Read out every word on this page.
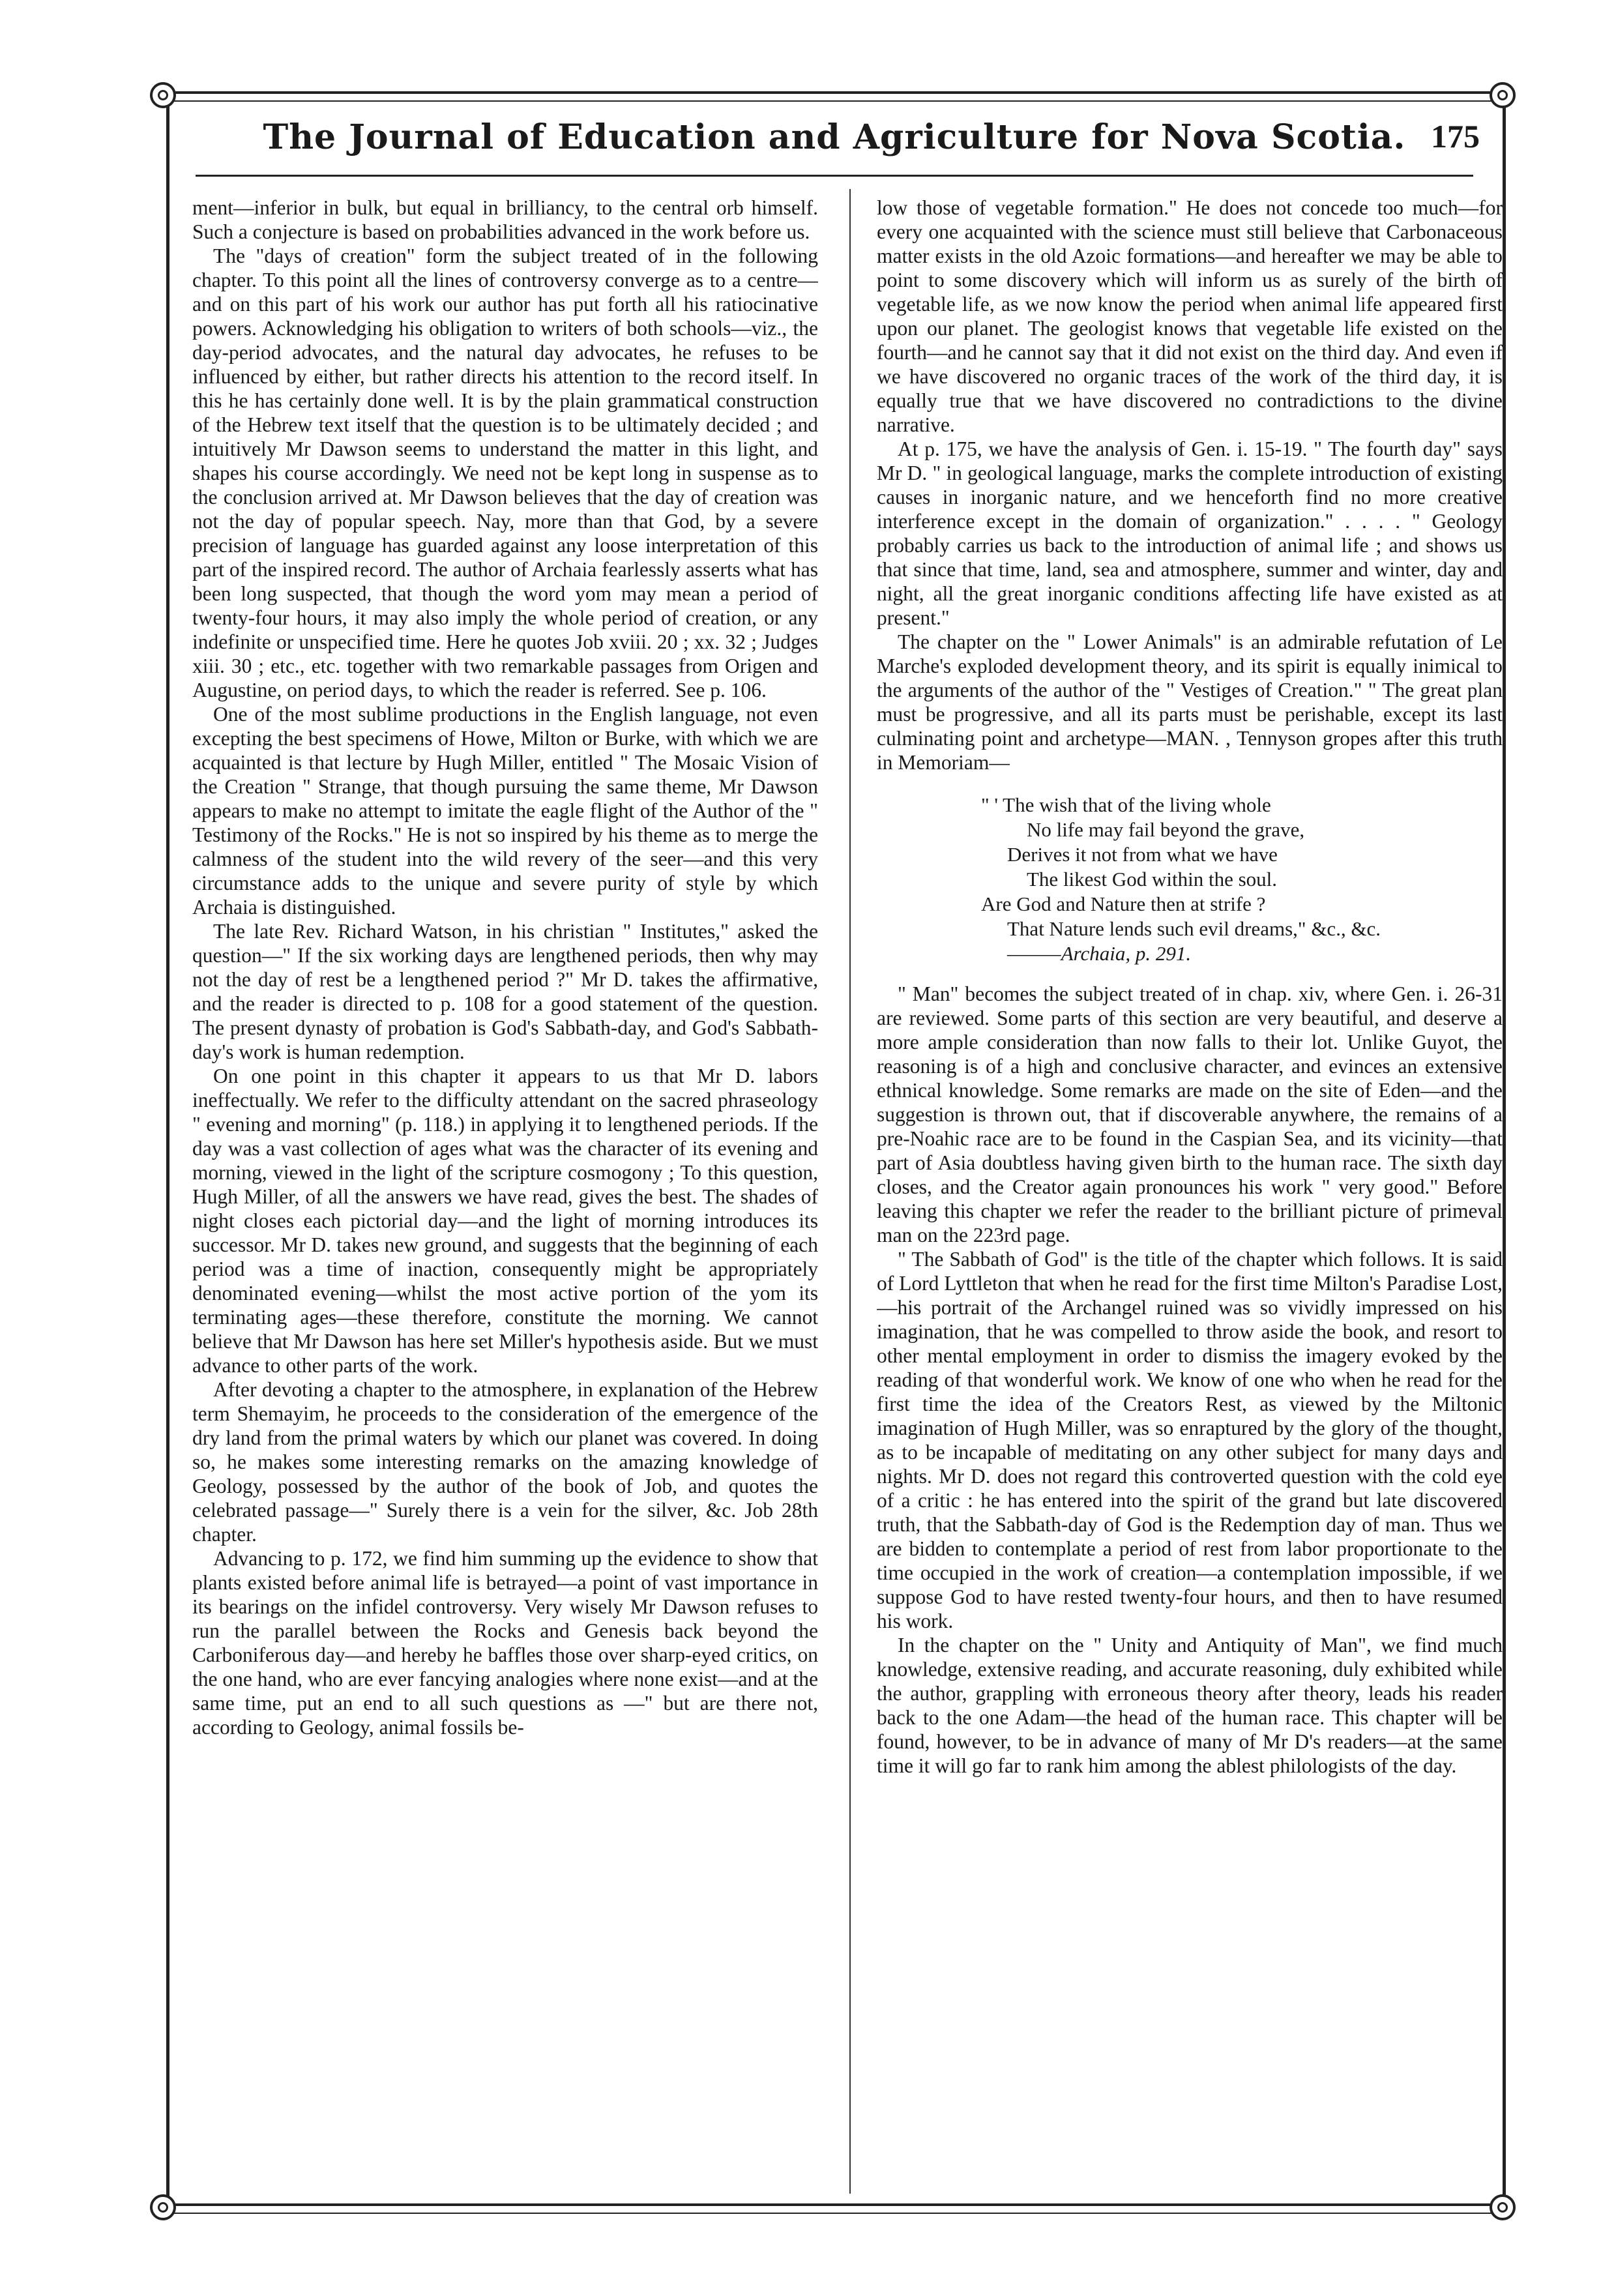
The Journal of Education and Agriculture for Nova Scotia. 175

ment—inferior in bulk, but equal in brilliancy, to the central orb himself. Such a conjecture is based on probabilities advanced in the work before us.

The "days of creation" form the subject treated of in the following chapter. To this point all the lines of controversy converge as to a centre—and on this part of his work our author has put forth all his ratiocinative powers. Acknowledging his obligation to writers of both schools—viz., the day-period advocates, and the natural day advocates, he refuses to be influenced by either, but rather directs his attention to the record itself. In this he has certainly done well. It is by the plain grammatical construction of the Hebrew text itself that the question is to be ultimately decided ; and intuitively Mr Dawson seems to understand the matter in this light, and shapes his course accordingly. We need not be kept long in suspense as to the conclusion arrived at. Mr Dawson believes that the day of creation was not the day of popular speech. Nay, more than that God, by a severe precision of language has guarded against any loose interpretation of this part of the inspired record. The author of Archaia fearlessly asserts what has been long suspected, that though the word yom may mean a period of twenty-four hours, it may also imply the whole period of creation, or any indefinite or unspecified time. Here he quotes Job xviii. 20 ; xx. 32 ; Judges xiii. 30 ; etc., etc. together with two remarkable passages from Origen and Augustine, on period days, to which the reader is referred. See p. 106.

One of the most sublime productions in the English language, not even excepting the best specimens of Howe, Milton or Burke, with which we are acquainted is that lecture by Hugh Miller, entitled " The Mosaic Vision of the Creation " Strange, that though pursuing the same theme, Mr Dawson appears to make no attempt to imitate the eagle flight of the Author of the " Testimony of the Rocks." He is not so inspired by his theme as to merge the calmness of the student into the wild revery of the seer—and this very circumstance adds to the unique and severe purity of style by which Archaia is distinguished.

The late Rev. Richard Watson, in his christian " Institutes," asked the question—" If the six working days are lengthened periods, then why may not the day of rest be a lengthened period ?" Mr D. takes the affirmative, and the reader is directed to p. 108 for a good statement of the question. The present dynasty of probation is God's Sabbath-day, and God's Sabbath-day's work is human redemption.

On one point in this chapter it appears to us that Mr D. labors ineffectually. We refer to the difficulty attendant on the sacred phraseology " evening and morning" (p. 118.) in applying it to lengthened periods. If the day was a vast collection of ages what was the character of its evening and morning, viewed in the light of the scripture cosmogony ; To this question, Hugh Miller, of all the answers we have read, gives the best. The shades of night closes each pictorial day—and the light of morning introduces its successor. Mr D. takes new ground, and suggests that the beginning of each period was a time of inaction, consequently might be appropriately denominated evening—whilst the most active portion of the yom its terminating ages—these therefore, constitute the morning. We cannot believe that Mr Dawson has here set Miller's hypothesis aside. But we must advance to other parts of the work.

After devoting a chapter to the atmosphere, in explanation of the Hebrew term Shemayim, he proceeds to the consideration of the emergence of the dry land from the primal waters by which our planet was covered. In doing so, he makes some interesting remarks on the amazing knowledge of Geology, possessed by the author of the book of Job, and quotes the celebrated passage—" Surely there is a vein for the silver, &c. Job 28th chapter.

Advancing to p. 172, we find him summing up the evidence to show that plants existed before animal life is betrayed—a point of vast importance in its bearings on the infidel controversy. Very wisely Mr Dawson refuses to run the parallel between the Rocks and Genesis back beyond the Carboniferous day—and hereby he baffles those over sharp-eyed critics, on the one hand, who are ever fancying analogies where none exist—and at the same time, put an end to all such questions as —" but are there not, according to Geology, animal fossils be-

low those of vegetable formation." He does not concede too much—for every one acquainted with the science must still believe that Carbonaceous matter exists in the old Azoic formations—and hereafter we may be able to point to some discovery which will inform us as surely of the birth of vegetable life, as we now know the period when animal life appeared first upon our planet. The geologist knows that vegetable life existed on the fourth—and he cannot say that it did not exist on the third day. And even if we have discovered no organic traces of the work of the third day, it is equally true that we have discovered no contradictions to the divine narrative.

At p. 175, we have the analysis of Gen. i. 15-19. " The fourth day" says Mr D. " in geological language, marks the complete introduction of existing causes in inorganic nature, and we henceforth find no more creative interference except in the domain of organization." . . . . " Geology probably carries us back to the introduction of animal life ; and shows us that since that time, land, sea and atmosphere, summer and winter, day and night, all the great inorganic conditions affecting life have existed as at present."

The chapter on the " Lower Animals" is an admirable refutation of Le Marche's exploded development theory, and its spirit is equally inimical to the arguments of the author of the " Vestiges of Creation." " The great plan must be progressive, and all its parts must be perishable, except its last culminating point and archetype—MAN. , Tennyson gropes after this truth in Memoriam—

" ' The wish that of the living whole
No life may fail beyond the grave,
Derives it not from what we have
The likest God within the soul.
Are God and Nature then at strife ?
That Nature lends such evil dreams," &c., &c.
———Archaia, p. 291.

" Man" becomes the subject treated of in chap. xiv, where Gen. i. 26-31 are reviewed. Some parts of this section are very beautiful, and deserve a more ample consideration than now falls to their lot. Unlike Guyot, the reasoning is of a high and conclusive character, and evinces an extensive ethnical knowledge. Some remarks are made on the site of Eden—and the suggestion is thrown out, that if discoverable anywhere, the remains of a pre-Noahic race are to be found in the Caspian Sea, and its vicinity—that part of Asia doubtless having given birth to the human race. The sixth day closes, and the Creator again pronounces his work " very good." Before leaving this chapter we refer the reader to the brilliant picture of primeval man on the 223rd page.

" The Sabbath of God" is the title of the chapter which follows. It is said of Lord Lyttleton that when he read for the first time Milton's Paradise Lost,—his portrait of the Archangel ruined was so vividly impressed on his imagination, that he was compelled to throw aside the book, and resort to other mental employment in order to dismiss the imagery evoked by the reading of that wonderful work. We know of one who when he read for the first time the idea of the Creators Rest, as viewed by the Miltonic imagination of Hugh Miller, was so enraptured by the glory of the thought, as to be incapable of meditating on any other subject for many days and nights. Mr D. does not regard this controverted question with the cold eye of a critic : he has entered into the spirit of the grand but late discovered truth, that the Sabbath-day of God is the Redemption day of man. Thus we are bidden to contemplate a period of rest from labor proportionate to the time occupied in the work of creation—a contemplation impossible, if we suppose God to have rested twenty-four hours, and then to have resumed his work.

In the chapter on the " Unity and Antiquity of Man", we find much knowledge, extensive reading, and accurate reasoning, duly exhibited while the author, grappling with erroneous theory after theory, leads his reader back to the one Adam—the head of the human race. This chapter will be found, however, to be in advance of many of Mr D's readers—at the same time it will go far to rank him among the ablest philologists of the day.
